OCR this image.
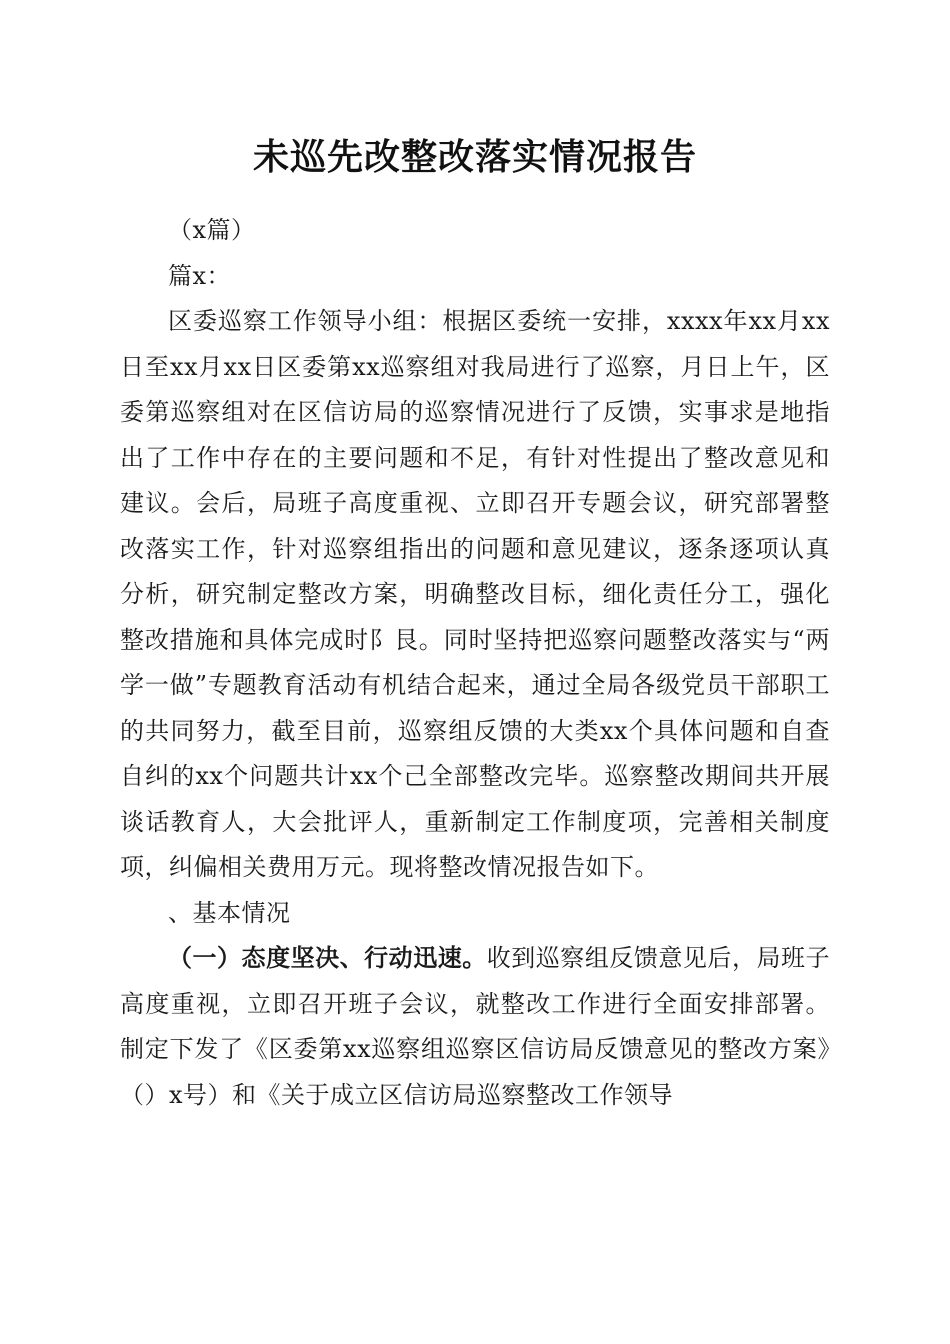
未巡先改整改落实情况报告

（x篇）

篇x：

区委巡察工作领导小组：根据区委统一安排，xxxx年xx月xx日至xx月xx日区委第xx巡察组对我局进行了巡察，月日上午，区委第巡察组对在区信访局的巡察情况进行了反馈，实事求是地指出了工作中存在的主要问题和不足，有针对性提出了整改意见和建议。会后，局班子高度重视、立即召开专题会议，研究部署整改落实工作，针对巡察组指出的问题和意见建议，逐条逐项认真分析，研究制定整改方案，明确整改目标，细化责任分工，强化整改措施和具体完成时阝艮。同时坚持把巡察问题整改落实与“两学一做”专题教育活动有机结合起来，通过全局各级党员干部职工的共同努力，截至目前，巡察组反馈的大类xx个具体问题和自查自纠的xx个问题共计xx个己全部整改完毕。巡察整改期间共开展谈话教育人，大会批评人，重新制定工作制度项，完善相关制度项，纠偏相关费用万元。现将整改情况报告如下。

、基本情况

（一）态度坚决、行动迅速。收到巡察组反馈意见后，局班子高度重视，立即召开班子会议，就整改工作进行全面安排部署。制定下发了《区委第xx巡察组巡察区信访局反馈意见的整改方案》（）x号）和《关于成立区信访局巡察整改工作领导
